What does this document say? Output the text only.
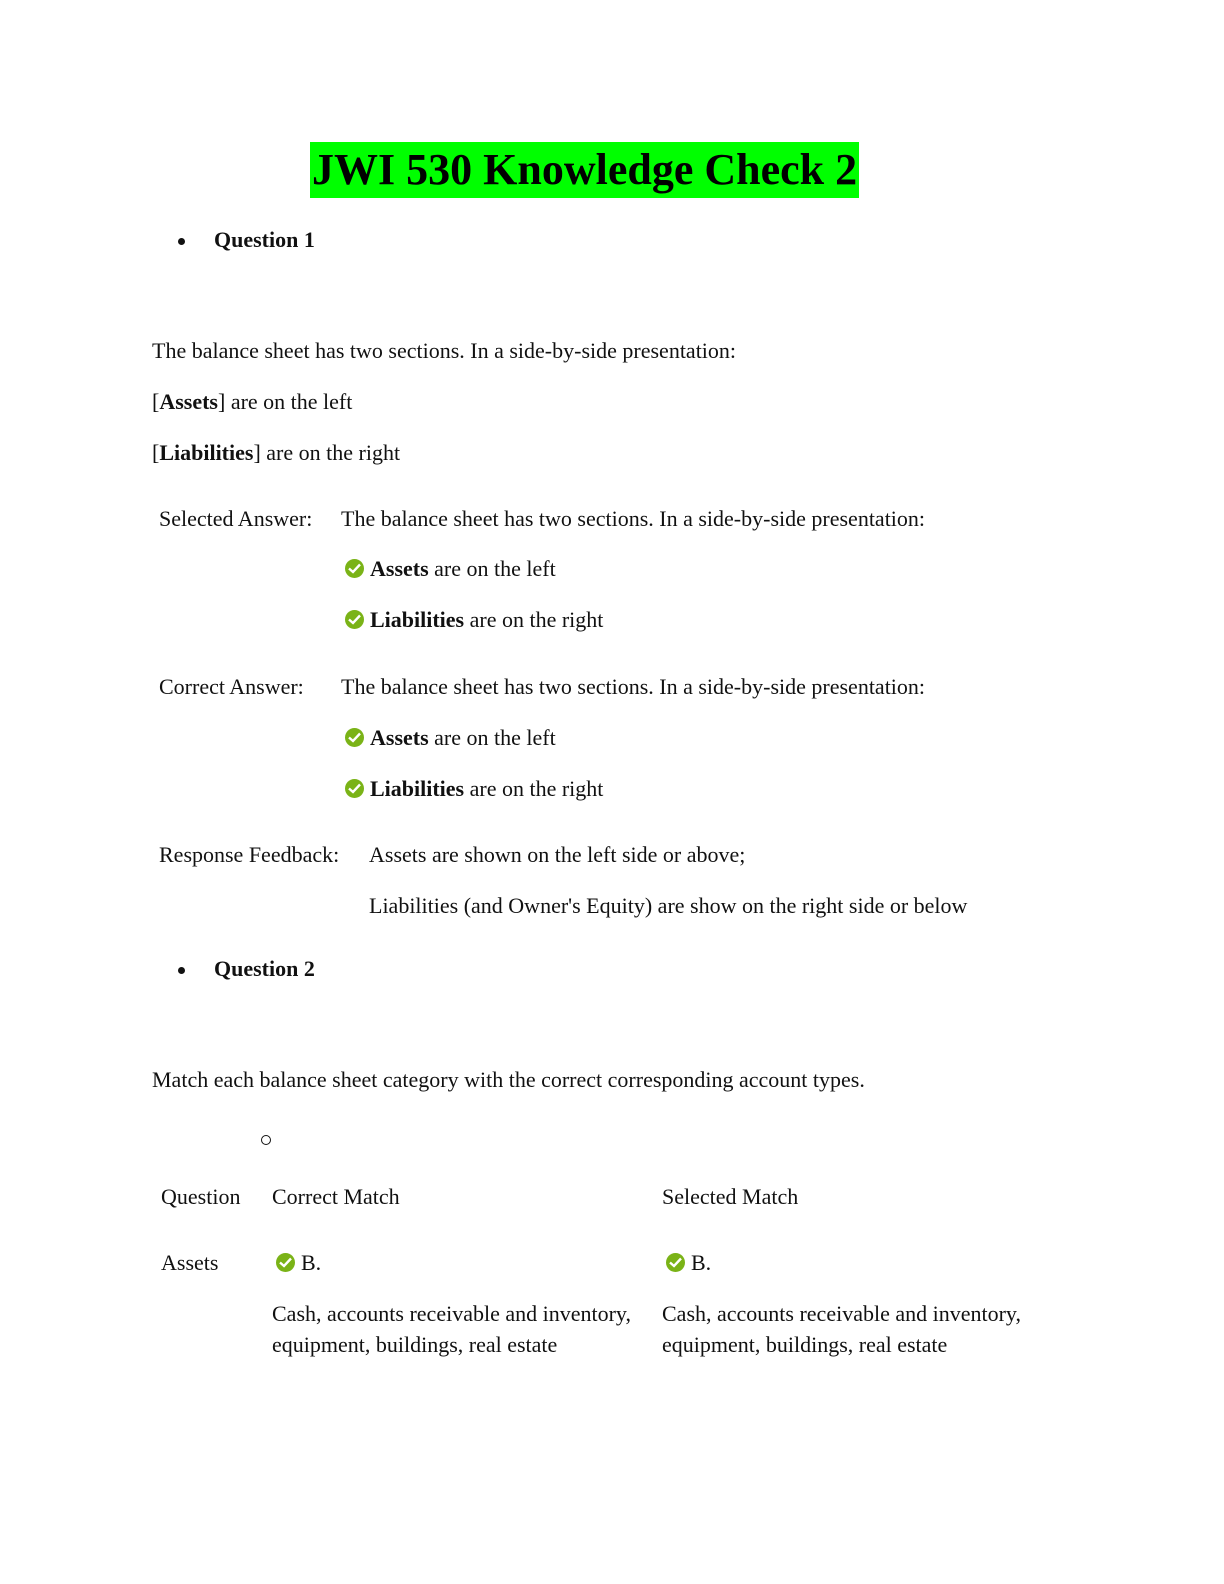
JWI 530 Knowledge Check 2
Question 1
The balance sheet has two sections. In a side-by-side presentation:
[Assets] are on the left
[Liabilities] are on the right
Selected Answer: The balance sheet has two sections. In a side-by-side presentation:
Assets are on the left
Liabilities are on the right
Correct Answer: The balance sheet has two sections. In a side-by-side presentation:
Assets are on the left
Liabilities are on the right
Response Feedback: Assets are shown on the left side or above;
Liabilities (and Owner's Equity) are show on the right side or below
Question 2
Match each balance sheet category with the correct corresponding account types.
Question Correct Match	Selected Match
Assets	B.
Cash, accounts receivable and inventory, equipment, buildings, real estate
B.
Cash, accounts receivable and inventory, equipment, buildings, real estate
